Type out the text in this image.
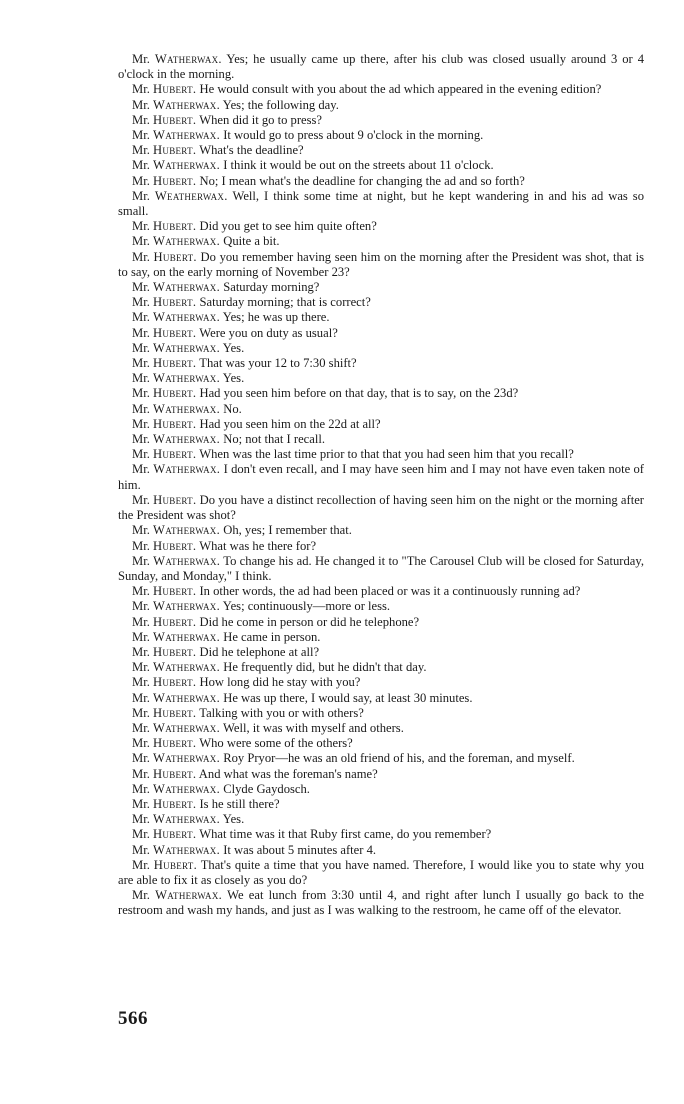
Mr. Watherwax. Yes; he usually came up there, after his club was closed usually around 3 or 4 o'clock in the morning.

Mr. Hubert. He would consult with you about the ad which appeared in the evening edition?

Mr. Watherwax. Yes; the following day.

Mr. Hubert. When did it go to press?

Mr. Watherwax. It would go to press about 9 o'clock in the morning.

Mr. Hubert. What's the deadline?

Mr. Watherwax. I think it would be out on the streets about 11 o'clock.

Mr. Hubert. No; I mean what's the deadline for changing the ad and so forth?

Mr. Weatherwax. Well, I think some time at night, but he kept wandering in and his ad was so small.

Mr. Hubert. Did you get to see him quite often?

Mr. Watherwax. Quite a bit.

Mr. Hubert. Do you remember having seen him on the morning after the President was shot, that is to say, on the early morning of November 23?

Mr. Watherwax. Saturday morning?

Mr. Hubert. Saturday morning; that is correct?

Mr. Watherwax. Yes; he was up there.

Mr. Hubert. Were you on duty as usual?

Mr. Watherwax. Yes.

Mr. Hubert. That was your 12 to 7:30 shift?

Mr. Watherwax. Yes.

Mr. Hubert. Had you seen him before on that day, that is to say, on the 23d?

Mr. Watherwax. No.

Mr. Hubert. Had you seen him on the 22d at all?

Mr. Watherwax. No; not that I recall.

Mr. Hubert. When was the last time prior to that that you had seen him that you recall?

Mr. Watherwax. I don't even recall, and I may have seen him and I may not have even taken note of him.

Mr. Hubert. Do you have a distinct recollection of having seen him on the night or the morning after the President was shot?

Mr. Watherwax. Oh, yes; I remember that.

Mr. Hubert. What was he there for?

Mr. Watherwax. To change his ad. He changed it to "The Carousel Club will be closed for Saturday, Sunday, and Monday," I think.

Mr. Hubert. In other words, the ad had been placed or was it a continuously running ad?

Mr. Watherwax. Yes; continuously—more or less.

Mr. Hubert. Did he come in person or did he telephone?

Mr. Watherwax. He came in person.

Mr. Hubert. Did he telephone at all?

Mr. Watherwax. He frequently did, but he didn't that day.

Mr. Hubert. How long did he stay with you?

Mr. Watherwax. He was up there, I would say, at least 30 minutes.

Mr. Hubert. Talking with you or with others?

Mr. Watherwax. Well, it was with myself and others.

Mr. Hubert. Who were some of the others?

Mr. Watherwax. Roy Pryor—he was an old friend of his, and the foreman, and myself.

Mr. Hubert. And what was the foreman's name?

Mr. Watherwax. Clyde Gaydosch.

Mr. Hubert. Is he still there?

Mr. Watherwax. Yes.

Mr. Hubert. What time was it that Ruby first came, do you remember?

Mr. Watherwax. It was about 5 minutes after 4.

Mr. Hubert. That's quite a time that you have named. Therefore, I would like you to state why you are able to fix it as closely as you do?

Mr. Watherwax. We eat lunch from 3:30 until 4, and right after lunch I usually go back to the restroom and wash my hands, and just as I was walking to the restroom, he came off of the elevator.

566
